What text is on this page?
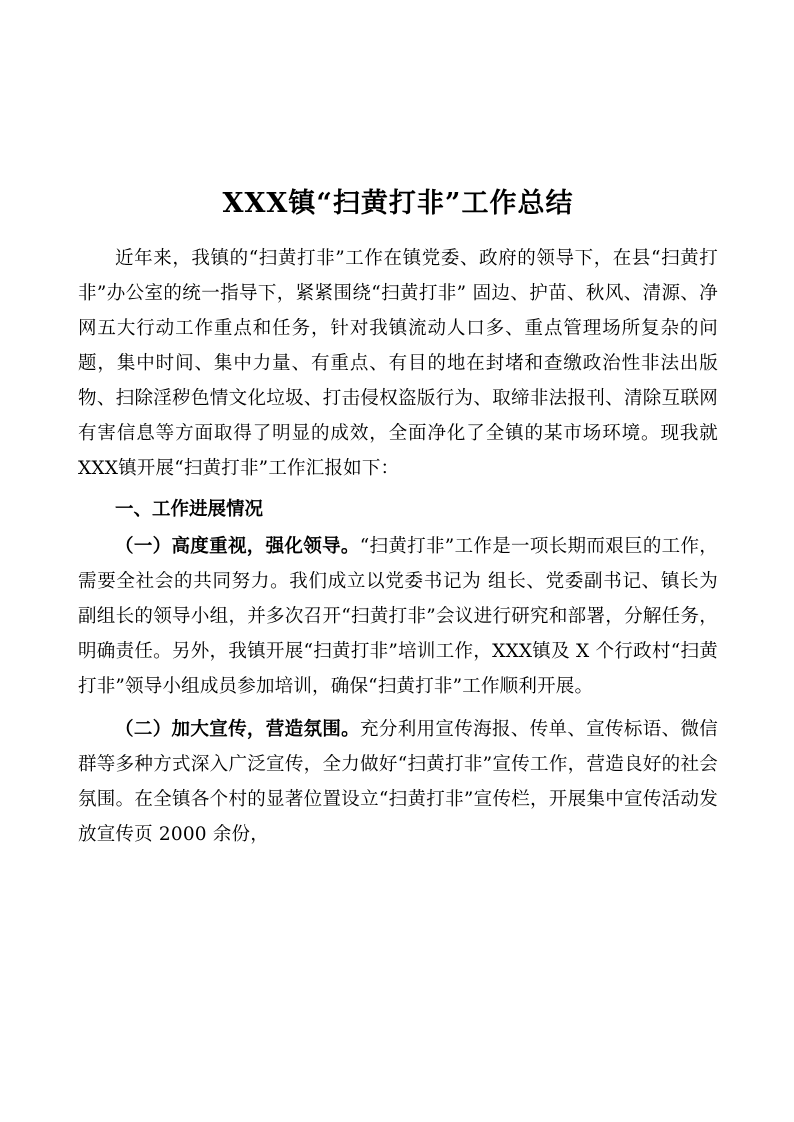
XXX镇“扫黄打非”工作总结

近年来，我镇的“扫黄打非”工作在镇党委、政府的领导下，在县“扫黄打非”办公室的统一指导下，紧紧围绕“扫黄打非” 固边、护苗、秋风、清源、净网五大行动工作重点和任务，针对我镇流动人口多、重点管理场所复杂的问题，集中时间、集中力量、有重点、有目的地在封堵和查缴政治性非法出版物、扫除淫秽色情文化垃圾、打击侵权盗版行为、取缔非法报刊、清除互联网有害信息等方面取得了明显的成效，全面净化了全镇的某市场环境。现我就XXX镇开展“扫黄打非”工作汇报如下：

一、工作进展情况

（一）高度重视，强化领导。“扫黄打非”工作是一项长期而艰巨的工作，需要全社会的共同努力。我们成立以党委书记为 组长、党委副书记、镇长为副组长的领导小组，并多次召开“扫黄打非”会议进行研究和部署，分解任务，明确责任。另外，我镇开展“扫黄打非”培训工作，XXX镇及 X 个行政村“扫黄打非”领导小组成员参加培训，确保“扫黄打非”工作顺利开展。

（二）加大宣传，营造氛围。充分利用宣传海报、传单、宣传标语、微信群等多种方式深入广泛宣传，全力做好“扫黄打非”宣传工作，营造良好的社会氛围。在全镇各个村的显著位置设立“扫黄打非”宣传栏，开展集中宣传活动发放宣传页 2000 余份，
